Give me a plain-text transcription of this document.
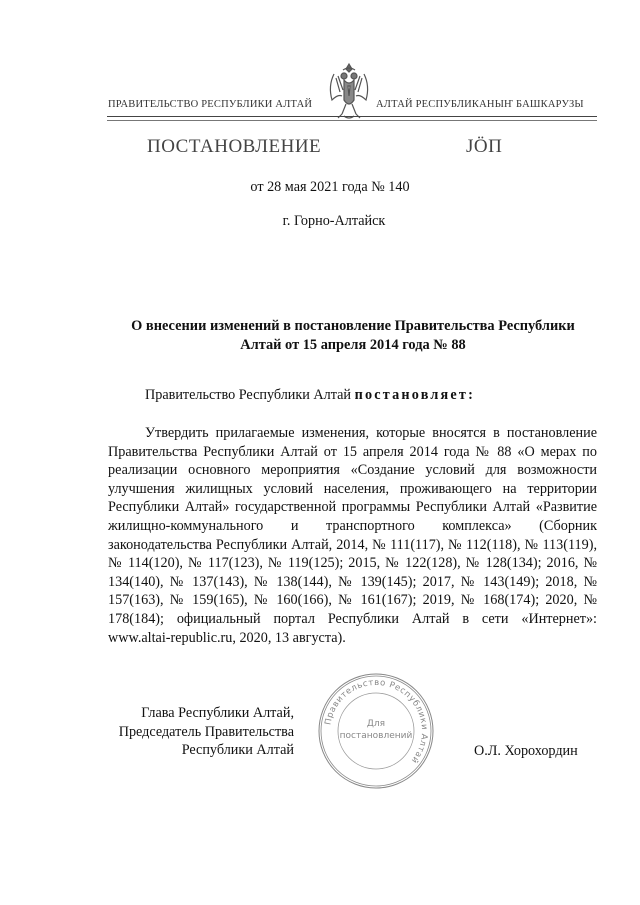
ПРАВИТЕЛЬСТВО РЕСПУБЛИКИ АЛТАЙ	АЛТАЙ РЕСПУБЛИКАНЫҤ БАШКАРУЗЫ
ПОСТАНОВЛЕНИЕ	ЈӦП
от 28 мая 2021 года № 140
г. Горно-Алтайск
О внесении изменений в постановление Правительства Республики
Алтай от 15 апреля 2014 года № 88
Правительство Республики Алтай постановляет:
Утвердить прилагаемые изменения, которые вносятся в постановление Правительства Республики Алтай от 15 апреля 2014 года № 88 «О мерах по реализации основного мероприятия «Создание условий для возможности улучшения жилищных условий населения, проживающего на территории Республики Алтай» государственной программы Республики Алтай «Развитие жилищно-коммунального и транспортного комплекса» (Сборник законодательства Республики Алтай, 2014, № 111(117), № 112(118), № 113(119), № 114(120), № 117(123), № 119(125); 2015, № 122(128), № 128(134); 2016, № 134(140), № 137(143), № 138(144), № 139(145); 2017, № 143(149); 2018, № 157(163), № 159(165), № 160(166), № 161(167); 2019, № 168(174); 2020, № 178(184); официальный портал Республики Алтай в сети «Интернет»: www.altai-republic.ru, 2020, 13 августа).
Глава Республики Алтай,
Председатель Правительства
Республики Алтай	О.Л. Хорохордин
Правительство Республики Алтай
Для
постановлений
